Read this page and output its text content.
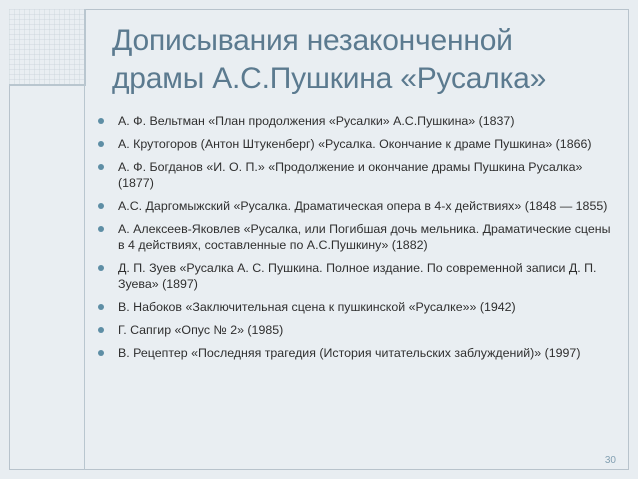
Дописывания незаконченной
драмы А.С.Пушкина «Русалка»
А. Ф. Вельтман «План продолжения «Русалки» А.С.Пушкина» (1837)
А. Крутогоров (Антон Штукенберг) «Русалка. Окончание к драме Пушкина» (1866)
А. Ф. Богданов «И. О. П.» «Продолжение и окончание драмы Пушкина Русалка» (1877)
А.С. Даргомыжский «Русалка. Драматическая опера в 4-х действиях» (1848 — 1855)
А. Алексеев-Яковлев «Русалка, или Погибшая дочь мельника. Драматические сцены в 4 действиях, составленные по А.С.Пушкину» (1882)
Д. П. Зуев «Русалка А. С. Пушкина. Полное издание. По современной записи Д. П. Зуева» (1897)
В. Набоков «Заключительная сцена к пушкинской «Русалке»» (1942)
Г. Сапгир «Опус № 2» (1985)
В. Рецептер «Последняя трагедия (История читательских заблуждений)» (1997)
30
